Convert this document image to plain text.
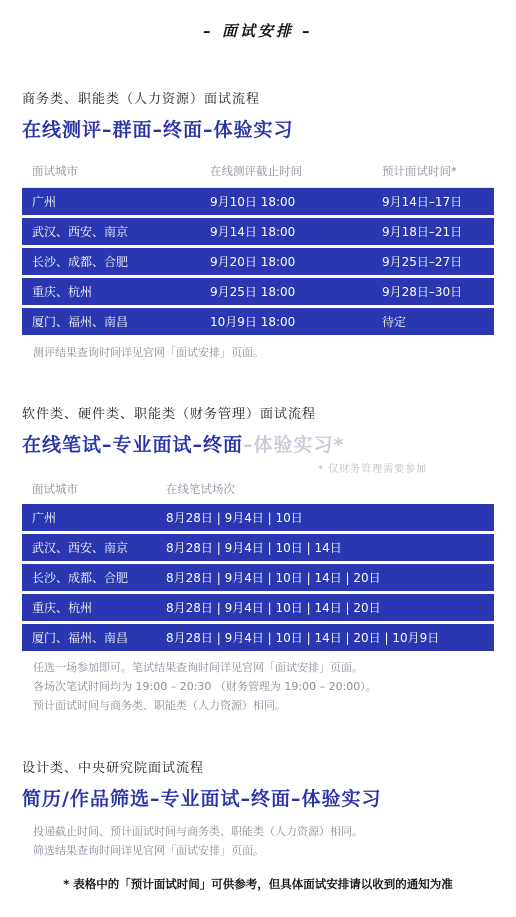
– 面试安排 –
商务类、职能类（人力资源）面试流程
在线测评–群面–终面–体验实习
面试城市	在线测评截止时间	预计面试时间*
广州	9月10日 18:00	9月14日–17日
武汉、西安、南京	9月14日 18:00	9月18日–21日
长沙、成都、合肥	9月20日 18:00	9月25日–27日
重庆、杭州	9月25日 18:00	9月28日–30日
厦门、福州、南昌	10月9日 18:00	待定
测评结果查询时间详见官网「面试安排」页面。
软件类、硬件类、职能类（财务管理）面试流程
在线笔试–专业面试–终面–体验实习*
* 仅财务管理需要参加
面试城市	在线笔试场次
广州	8月28日 | 9月4日 | 10日
武汉、西安、南京	8月28日 | 9月4日 | 10日 | 14日
长沙、成都、合肥	8月28日 | 9月4日 | 10日 | 14日 | 20日
重庆、杭州	8月28日 | 9月4日 | 10日 | 14日 | 20日
厦门、福州、南昌	8月28日 | 9月4日 | 10日 | 14日 | 20日 | 10月9日
任选一场参加即可。笔试结果查询时间详见官网「面试安排」页面。
各场次笔试时间均为 19:00 – 20:30 （财务管理为 19:00 – 20:00）。
预计面试时间与商务类、职能类（人力资源）相同。
设计类、中央研究院面试流程
简历/作品筛选–专业面试–终面–体验实习
投递截止时间、预计面试时间与商务类、职能类（人力资源）相同。
筛选结果查询时间详见官网「面试安排」页面。
* 表格中的「预计面试时间」可供参考，但具体面试安排请以收到的通知为准
